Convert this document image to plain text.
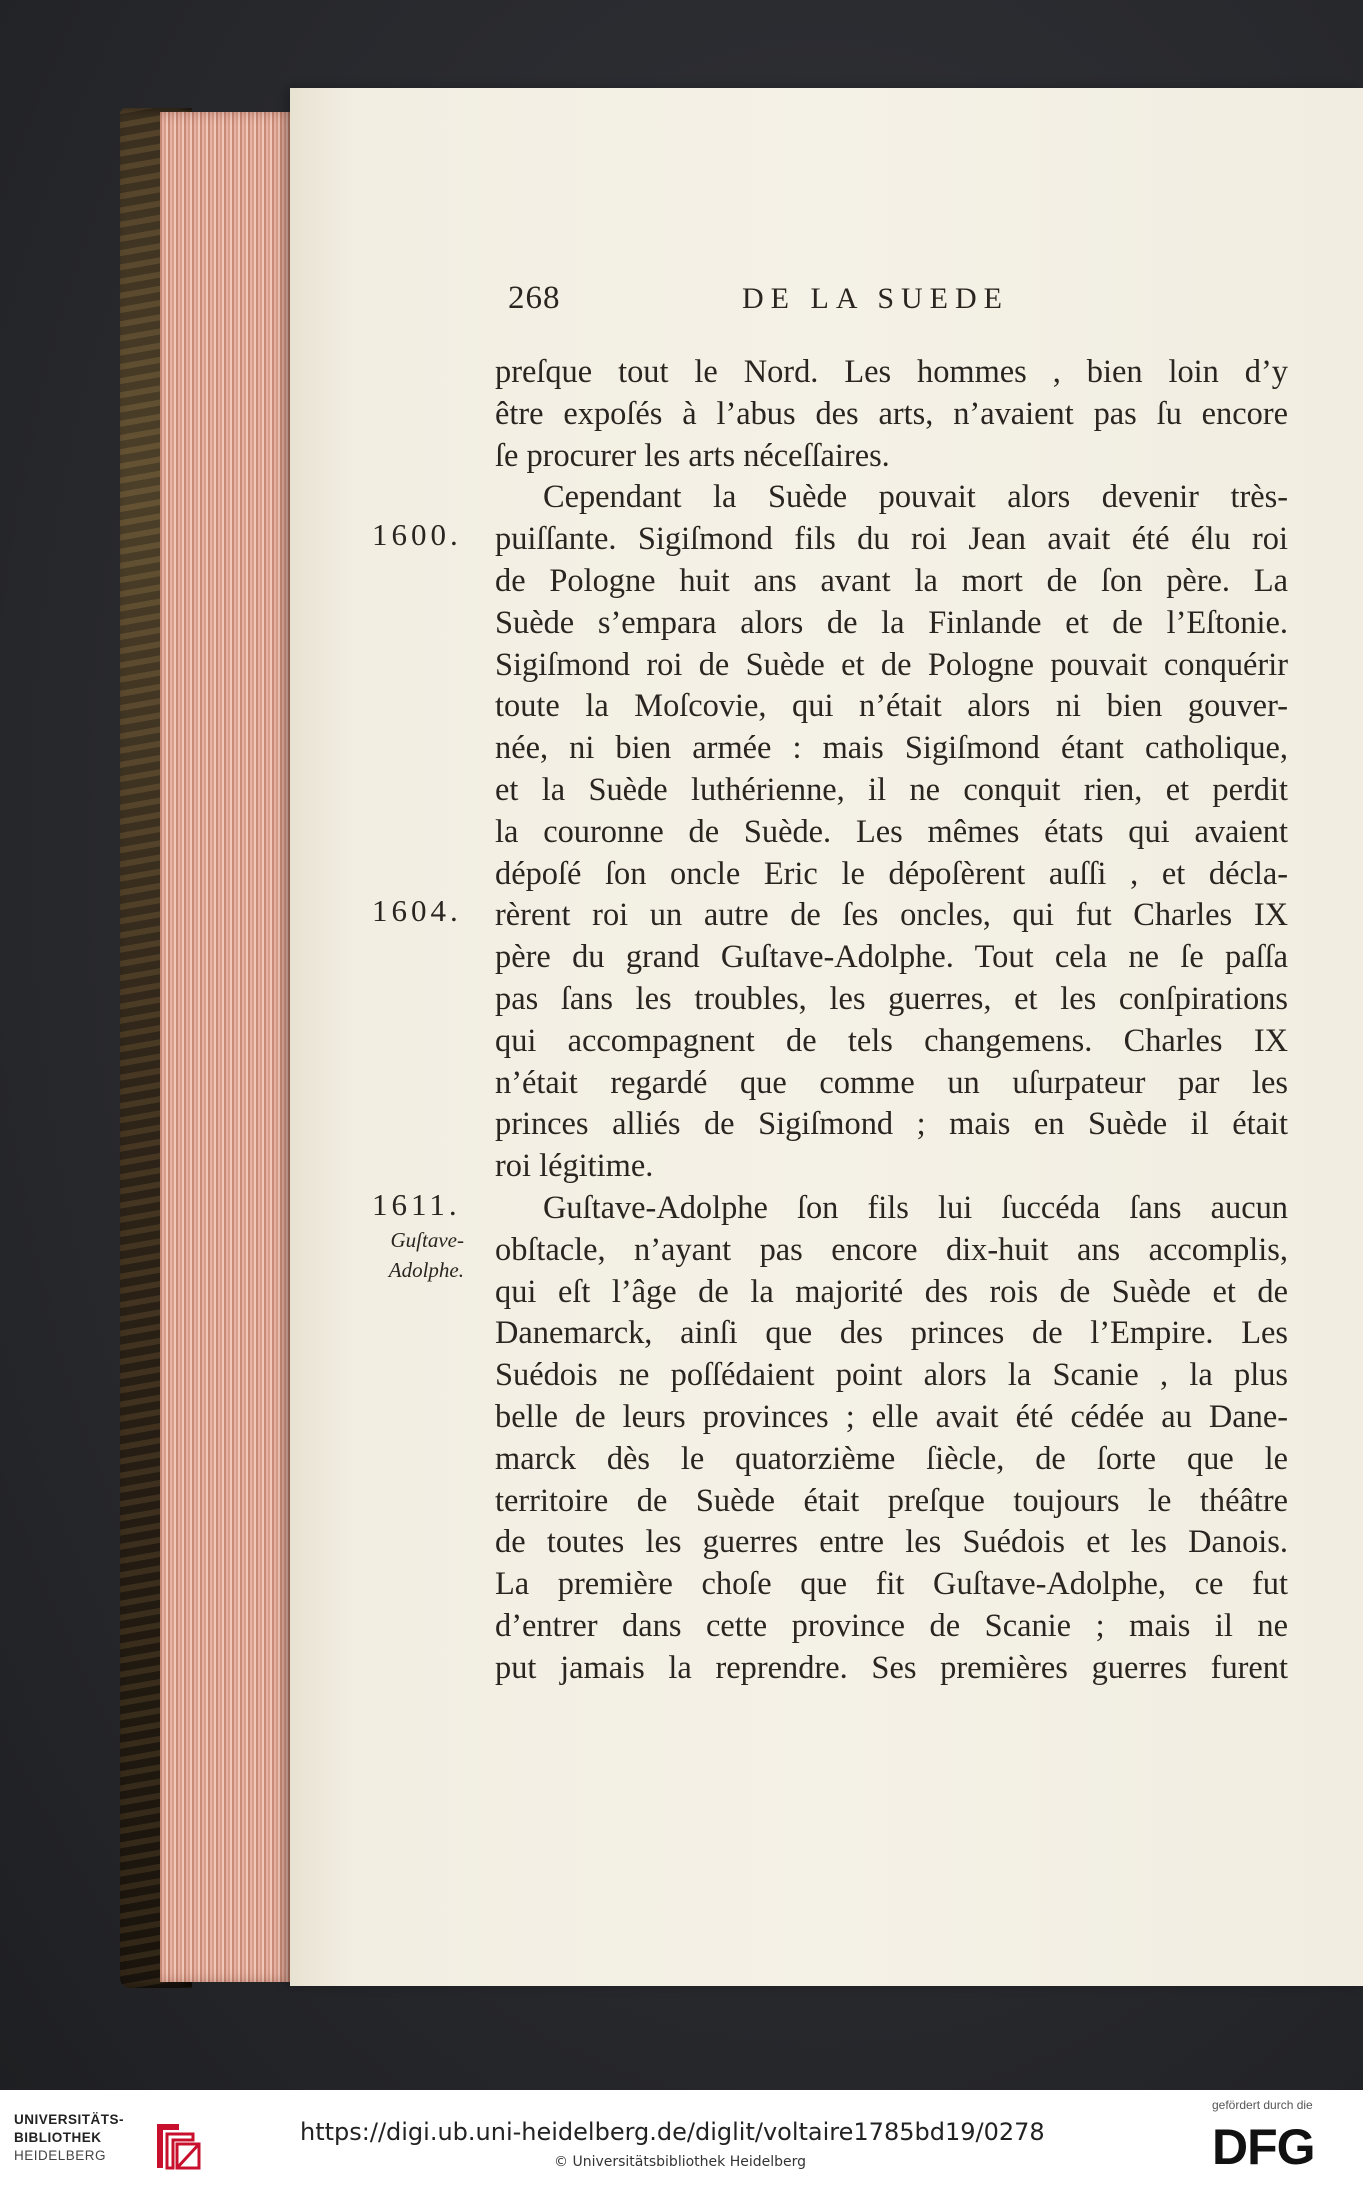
268	DE LA SUEDE
1600.
1604.
1611.
Guſtave-
Adolphe.
preſque tout le Nord. Les hommes , bien loin d’y
être expoſés à l’abus des arts, n’avaient pas ſu encore
ſe procurer les arts néceſſaires.
Cependant la Suède pouvait alors devenir très-
puiſſante. Sigiſmond fils du roi Jean avait été élu roi
de Pologne huit ans avant la mort de ſon père. La
Suède s’empara alors de la Finlande et de l’Eſtonie.
Sigiſmond roi de Suède et de Pologne pouvait conquérir
toute la Moſcovie, qui n’était alors ni bien gouver-
née, ni bien armée : mais Sigiſmond étant catholique,
et la Suède luthérienne, il ne conquit rien, et perdit
la couronne de Suède. Les mêmes états qui avaient
dépoſé ſon oncle Eric le dépoſèrent auſſi , et décla-
rèrent roi un autre de ſes oncles, qui fut Charles IX
père du grand Guſtave-Adolphe. Tout cela ne ſe paſſa
pas ſans les troubles, les guerres, et les conſpirations
qui accompagnent de tels changemens. Charles IX
n’était regardé que comme un uſurpateur par les
princes alliés de Sigiſmond ; mais en Suède il était
roi légitime.
Guſtave-Adolphe ſon fils lui ſuccéda ſans aucun
obſtacle, n’ayant pas encore dix-huit ans accomplis,
qui eſt l’âge de la majorité des rois de Suède et de
Danemarck, ainſi que des princes de l’Empire. Les
Suédois ne poſſédaient point alors la Scanie , la plus
belle de leurs provinces ; elle avait été cédée au Dane-
marck dès le quatorzième ſiècle, de ſorte que le
territoire de Suède était preſque toujours le théâtre
de toutes les guerres entre les Suédois et les Danois.
La première choſe que fit Guſtave-Adolphe, ce fut
d’entrer dans cette province de Scanie ; mais il ne
put jamais la reprendre. Ses premières guerres furent
UNIVERSITÄTS-
BIBLIOTHEK
HEIDELBERG
https://digi.ub.uni-heidelberg.de/diglit/voltaire1785bd19/0278
© Universitätsbibliothek Heidelberg
gefördert durch die
DFG
